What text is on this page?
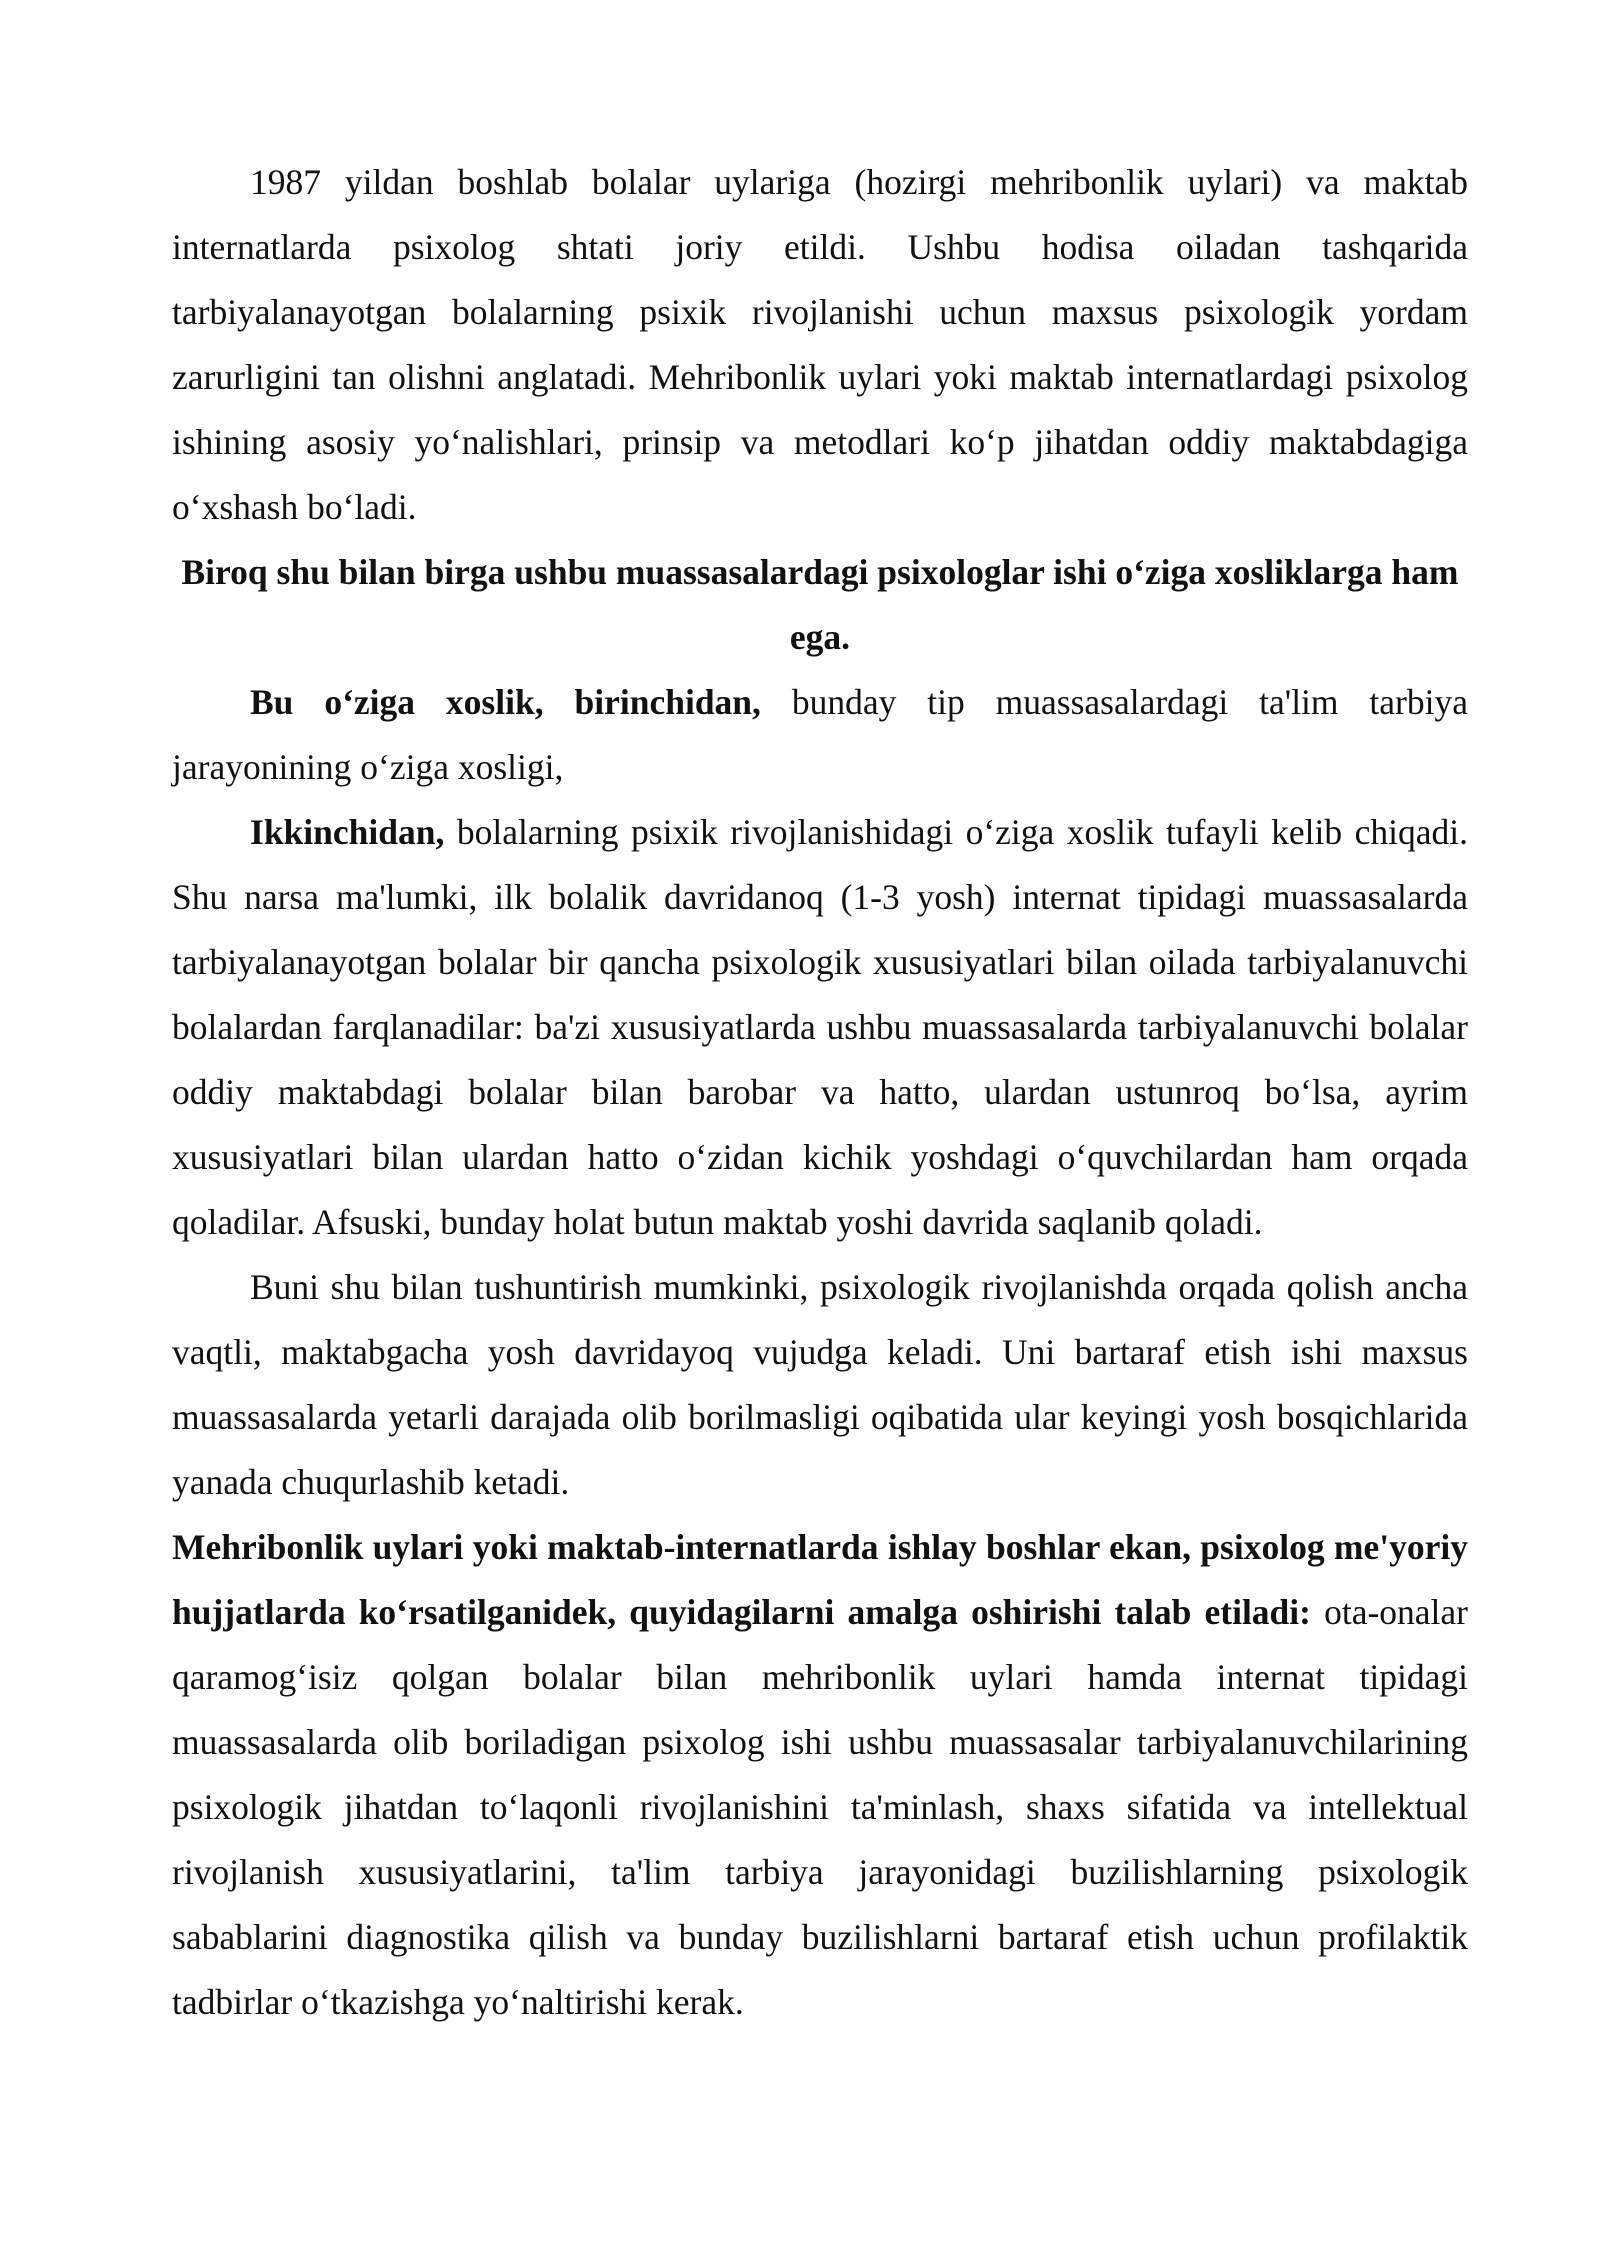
1987 yildan boshlab bolalar uylariga (hozirgi mehribonlik uylari) va maktab internatlarda psixolog shtati joriy etildi. Ushbu hodisa oiladan tashqarida tarbiyalanayotgan bolalarning psixik rivojlanishi uchun maxsus psixologik yordam zarurligini tan olishni anglatadi. Mehribonlik uylari yoki maktab internatlardagi psixolog ishining asosiy yo‘nalishlari, prinsip va metodlari ko‘p jihatdan oddiy maktabdagiga o‘xshash bo‘ladi.

Biroq shu bilan birga ushbu muassasalardagi psixologlar ishi o‘ziga xosliklarga ham ega.

Bu o‘ziga xoslik, birinchidan, bunday tip muassasalardagi ta'lim tarbiya jarayonining o‘ziga xosligi,

Ikkinchidan, bolalarning psixik rivojlanishidagi o‘ziga xoslik tufayli kelib chiqadi. Shu narsa ma'lumki, ilk bolalik davridanoq (1-3 yosh) internat tipidagi muassasalarda tarbiyalanayotgan bolalar bir qancha psixologik xususiyatlari bilan oilada tarbiyalanuvchi bolalardan farqlanadilar: ba'zi xususiyatlarda ushbu muassasalarda tarbiyalanuvchi bolalar oddiy maktabdagi bolalar bilan barobar va hatto, ulardan ustunroq bo‘lsa, ayrim xususiyatlari bilan ulardan hatto o‘zidan kichik yoshdagi o‘quvchilardan ham orqada qoladilar. Afsuski, bunday holat butun maktab yoshi davrida saqlanib qoladi.

Buni shu bilan tushuntirish mumkinki, psixologik rivojlanishda orqada qolish ancha vaqtli, maktabgacha yosh davridayoq vujudga keladi. Uni bartaraf etish ishi maxsus muassasalarda yetarli darajada olib borilmasligi oqibatida ular keyingi yosh bosqichlarida yanada chuqurlashib ketadi.

Mehribonlik uylari yoki maktab-internatlarda ishlay boshlar ekan, psixolog me'yoriy hujjatlarda ko‘rsatilganidek, quyidagilarni amalga oshirishi talab etiladi: ota-onalar qaramog‘isiz qolgan bolalar bilan mehribonlik uylari hamda internat tipidagi muassasalarda olib boriladigan psixolog ishi ushbu muassasalar tarbiyalanuvchilarining psixologik jihatdan to‘laqonli rivojlanishini ta'minlash, shaxs sifatida va intellektual rivojlanish xususiyatlarini, ta'lim tarbiya jarayonidagi buzilishlarning psixologik sabablarini diagnostika qilish va bunday buzilishlarni bartaraf etish uchun profilaktik tadbirlar o‘tkazishga yo‘naltirishi kerak.
